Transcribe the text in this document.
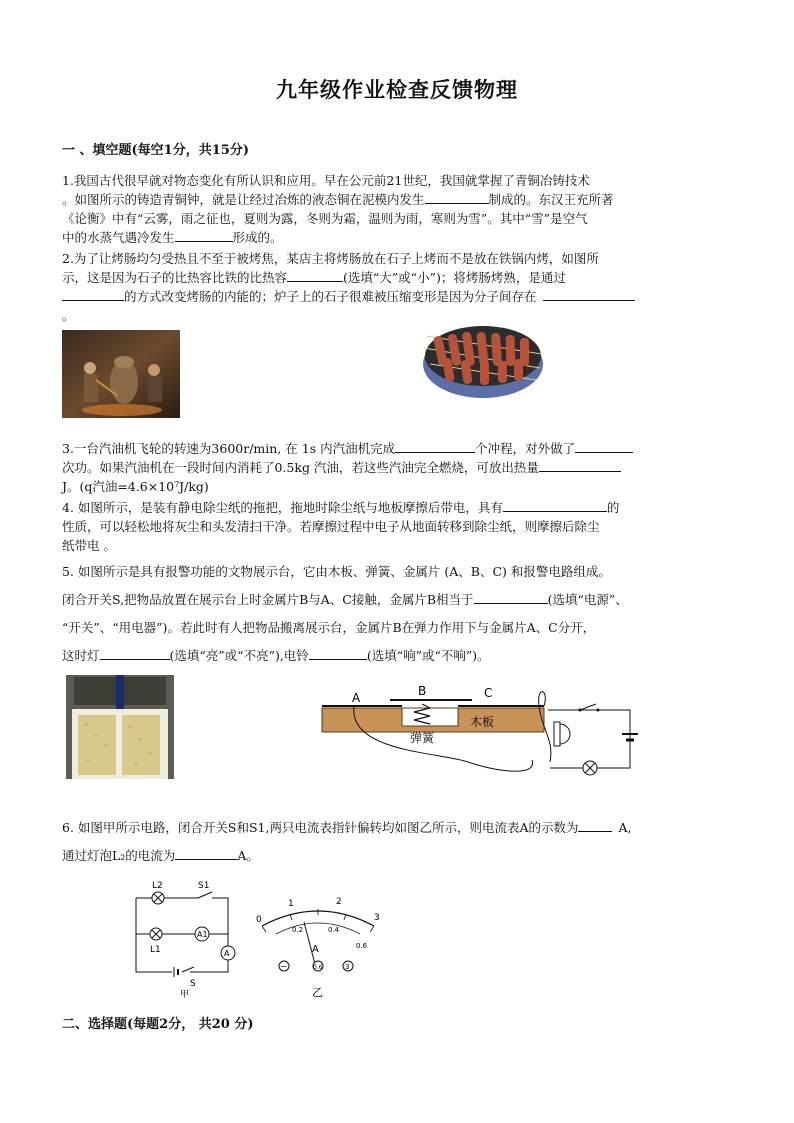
九年级作业检查反馈物理
一 、填空题(每空1分，共15分)
1.我国古代很早就对物态变化有所认识和应用。早在公元前21世纪，我国就掌握了青铜冶铸技术
。如图所示的铸造青铜钟，就是让经过冶炼的液态铜在泥模内发生	制成的。东汉王充所著
《论衡》中有“云雾，雨之征也，夏则为露，冬则为霜，温则为雨，寒则为雪”。其中“雪”是空气
中的水蒸气遇冷发生	形成的。
2.为了让烤肠均匀受热且不至于被烤焦，某店主将烤肠放在石子上烤而不是放在铁锅内烤，如图所
示，这是因为石子的比热容比铁的比热容	(选填“大”或“小”)；将烤肠烤熟，是通过
的方式改变烤肠的内能的；炉子上的石子很难被压缩变形是因为分子间存在
。
3.一台汽油机飞轮的转速为3600r/min, 在 1s 内汽油机完成	个冲程，对外做了
次功。如果汽油机在一段时间内消耗了0.5kg 汽油，若这些汽油完全燃烧，可放出热量
J。(q汽油=4.6×10⁷J/kg)
4. 如图所示，是装有静电除尘纸的拖把，拖地时除尘纸与地板摩擦后带电，具有	的
性质，可以轻松地将灰尘和头发清扫干净。若摩擦过程中电子从地面转移到除尘纸，则摩擦后除尘
纸带电 。
5. 如图所示是具有报警功能的文物展示台，它由木板、弹簧、金属片 (A、B、C) 和报警电路组成。
闭合开关S,把物品放置在展示台上时金属片B与A、C接触，金属片B相当于	(选填“电源”、
“开关”、“用电器”)。若此时有人把物品搬离展示台，金属片B在弹力作用下与金属片A、C分开，
这时灯	(选填“亮”或“不亮”),电铃	(选填“响”或“不响”)。
A	B	C
木板
弹簧
6. 如图甲所示电路，闭合开关S和S1,两只电流表指针偏转均如图乙所示，则电流表A的示数为	A,
通过灯泡L₂的电流为	A。
L2	S1
A1
L1	A
S
甲
0
1	2
3
0.2	0.4
0.6
A
−	0.6	3
乙
二、选择题(每题2分， 共20 分)
